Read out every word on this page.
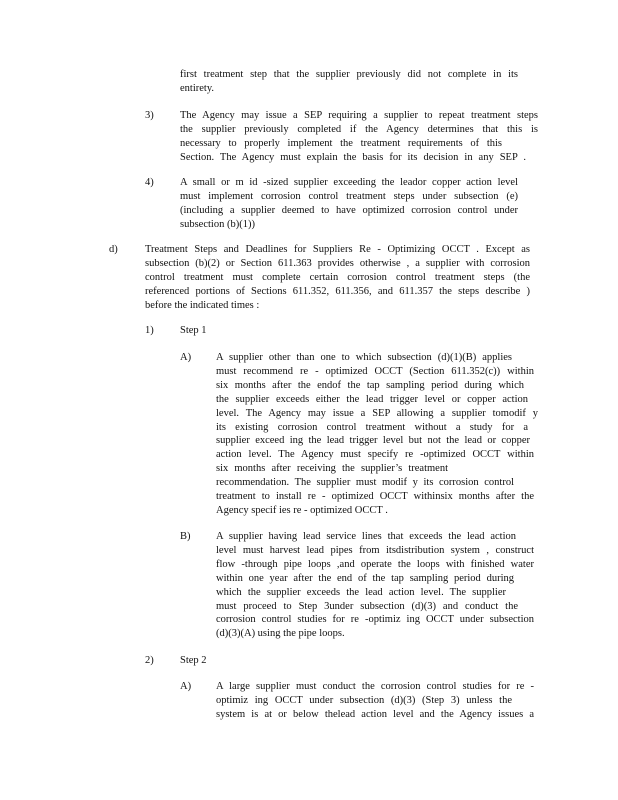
first treatment step that the supplier previously did not complete in its
entirety.
3)	The Agency may issue a SEP requiring a supplier to repeat treatment steps
the supplier previously completed if the Agency determines that this is
necessary to properly implement the treatment requirements of this
Section. The Agency must explain the basis for its decision in any SEP .
4)	A small or m id -sized supplier exceeding the leador copper action level
must implement corrosion control treatment steps under subsection (e)
(including a supplier deemed to have optimized corrosion control under
subsection (b)(1))
d)	Treatment Steps and Deadlines for Suppliers Re - Optimizing OCCT . Except as
subsection (b)(2) or Section 611.363 provides otherwise , a supplier with corrosion
control treatment must complete certain corrosion control treatment steps (the
referenced portions of Sections 611.352, 611.356, and 611.357 the steps describe )
before the indicated times :
1)	Step 1
A) A supplier other than one to which subsection (d)(1)(B) applies
must recommend re - optimized OCCT (Section 611.352(c)) within
six months after the endof the tap sampling period during which
the supplier exceeds either the lead trigger level or copper action
level. The Agency may issue a SEP allowing a supplier tomodif y
its existing corrosion control treatment without a study for a
supplier exceed ing the lead trigger level but not the lead or copper
action level. The Agency must specify re -optimized OCCT within
six months after receiving the supplier’s treatment
recommendation. The supplier must modif y its corrosion control
treatment to install re - optimized OCCT withinsix months after the
Agency specif ies re - optimized OCCT .
B) A supplier having lead service lines that exceeds the lead action
level must harvest lead pipes from itsdistribution system , construct
flow -through pipe loops ,and operate the loops with finished water
within one year after the end of the tap sampling period during
which the supplier exceeds the lead action level. The supplier
must proceed to Step 3under subsection (d)(3) and conduct the
corrosion control studies for re -optimiz ing OCCT under subsection
(d)(3)(A) using the pipe loops.
2)	Step 2
A) A large supplier must conduct the corrosion control studies for re -
optimiz ing OCCT under subsection (d)(3) (Step 3) unless the
system is at or below thelead action level and the Agency issues a
